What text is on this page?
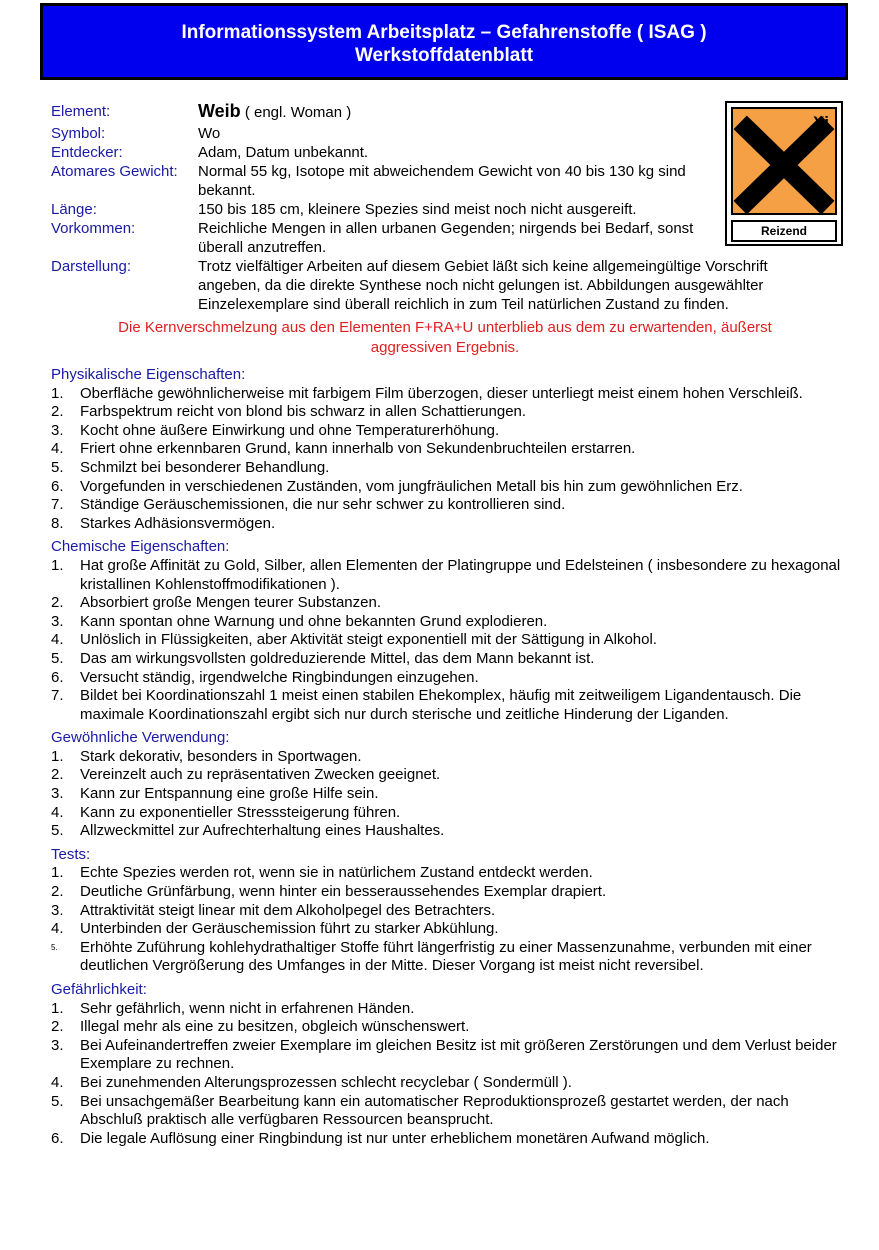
Informationssystem Arbeitsplatz – Gefahrenstoffe ( ISAG )
Werkstoffdatenblatt
Element:	Weib ( engl. Woman )
Symbol:	Wo
Entdecker:	Adam, Datum unbekannt.
Atomares Gewicht:	Normal 55 kg, Isotope mit abweichendem Gewicht von 40 bis 130 kg sind bekannt.
Länge:	150 bis 185 cm, kleinere Spezies sind meist noch nicht ausgereift.
Vorkommen:	Reichliche Mengen in allen urbanen Gegenden; nirgends bei Bedarf, sonst überall anzutreffen.
Darstellung:	Trotz vielfältiger Arbeiten auf diesem Gebiet läßt sich keine allgemeingültige Vorschrift angeben, da die direkte Synthese noch nicht gelungen ist. Abbildungen ausgewählter Einzelexemplare sind überall reichlich in zum Teil natürlichen Zustand zu finden.
Xi
Reizend
Die Kernverschmelzung aus den Elementen F+RA+U unterblieb aus dem zu erwartenden, äußerst
aggressiven Ergebnis.
Physikalische Eigenschaften:
1.	Oberfläche gewöhnlicherweise mit farbigem Film überzogen, dieser unterliegt meist einem hohen Verschleiß.
2.	Farbspektrum reicht von blond bis schwarz in allen Schattierungen.
3.	Kocht ohne äußere Einwirkung und ohne Temperaturerhöhung.
4.	Friert ohne erkennbaren Grund, kann innerhalb von Sekundenbruchteilen erstarren.
5.	Schmilzt bei besonderer Behandlung.
6.	Vorgefunden in verschiedenen Zuständen, vom jungfräulichen Metall bis hin zum gewöhnlichen Erz.
7.	Ständige Geräuschemissionen, die nur sehr schwer zu kontrollieren sind.
8.	Starkes Adhäsionsvermögen.
Chemische Eigenschaften:
1.	Hat große Affinität zu Gold, Silber, allen Elementen der Platingruppe und Edelsteinen ( insbesondere zu hexagonal kristallinen Kohlenstoffmodifikationen ).
2.	Absorbiert große Mengen teurer Substanzen.
3.	Kann spontan ohne Warnung und ohne bekannten Grund explodieren.
4.	Unlöslich in Flüssigkeiten, aber Aktivität steigt exponentiell mit der Sättigung in Alkohol.
5.	Das am wirkungsvollsten goldreduzierende Mittel, das dem Mann bekannt ist.
6.	Versucht ständig, irgendwelche Ringbindungen einzugehen.
7.	Bildet bei Koordinationszahl 1 meist einen stabilen Ehekomplex, häufig mit zeitweiligem Ligandentausch. Die maximale Koordinationszahl ergibt sich nur durch sterische und zeitliche Hinderung der Liganden.
Gewöhnliche Verwendung:
1.	Stark dekorativ, besonders in Sportwagen.
2.	Vereinzelt auch zu repräsentativen Zwecken geeignet.
3.	Kann zur Entspannung eine große Hilfe sein.
4.	Kann zu exponentieller Stresssteigerung führen.
5.	Allzweckmittel zur Aufrechterhaltung eines Haushaltes.
Tests:
1.	Echte Spezies werden rot, wenn sie in natürlichem Zustand entdeckt werden.
2.	Deutliche Grünfärbung, wenn hinter ein besseraussehendes Exemplar drapiert.
3.	Attraktivität steigt linear mit dem Alkoholpegel des Betrachters.
4.	Unterbinden der Geräuschemission führt zu starker Abkühlung.
5.	Erhöhte Zuführung kohlehydrathaltiger Stoffe führt längerfristig zu einer Massenzunahme, verbunden mit einer deutlichen Vergrößerung des Umfanges in der Mitte. Dieser Vorgang ist meist nicht reversibel.
Gefährlichkeit:
1.	Sehr gefährlich, wenn nicht in erfahrenen Händen.
2.	Illegal mehr als eine zu besitzen, obgleich wünschenswert.
3.	Bei Aufeinandertreffen zweier Exemplare im gleichen Besitz ist mit größeren Zerstörungen und dem Verlust beider Exemplare zu rechnen.
4.	Bei zunehmenden Alterungsprozessen schlecht recyclebar ( Sondermüll ).
5.	Bei unsachgemäßer Bearbeitung kann ein automatischer Reproduktionsprozeß gestartet werden, der nach Abschluß praktisch alle verfügbaren Ressourcen beansprucht.
6.	Die legale Auflösung einer Ringbindung ist nur unter erheblichem monetären Aufwand möglich.
